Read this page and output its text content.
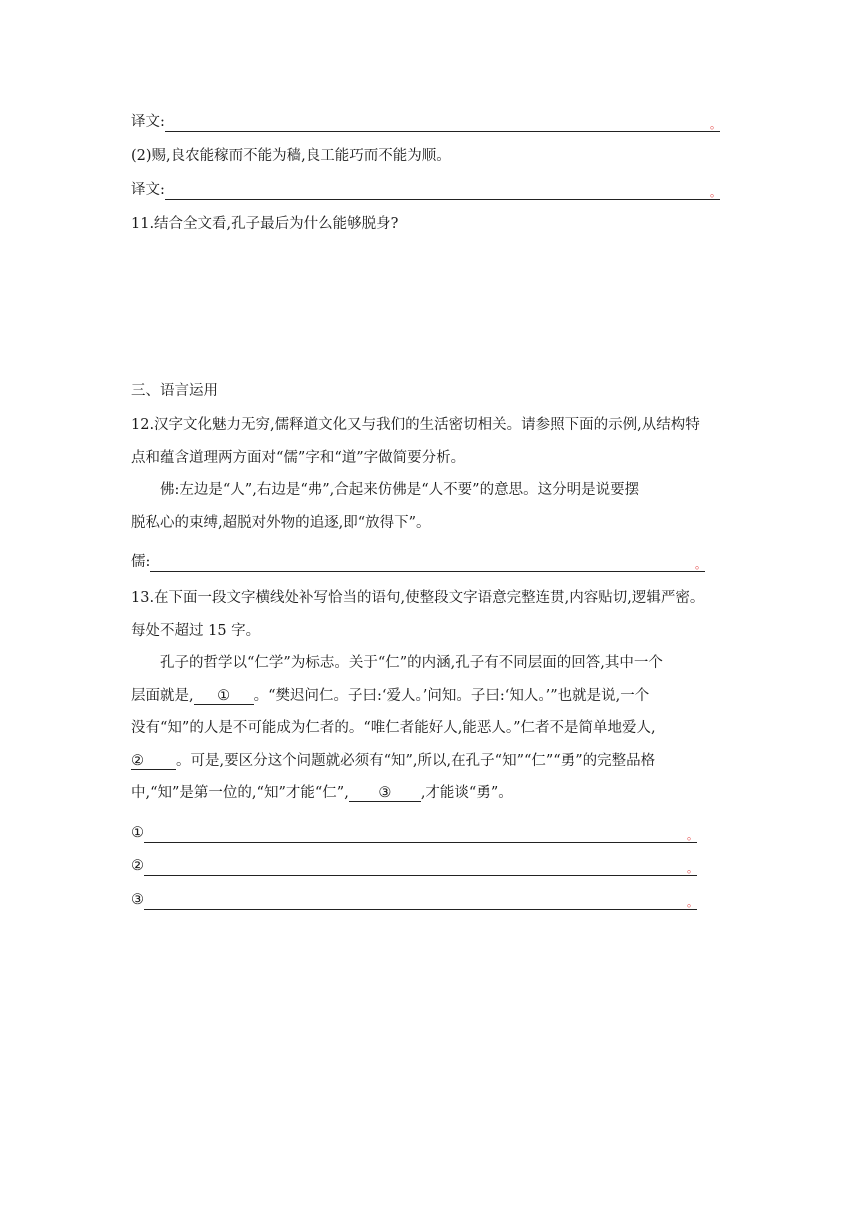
译文:	。
(2)赐,良农能稼而不能为穑,良工能巧而不能为顺。
译文:	。
11.结合全文看,孔子最后为什么能够脱身?
三、语言运用
12.汉字文化魅力无穷,儒释道文化又与我们的生活密切相关。请参照下面的示例,从结构特
点和蕴含道理两方面对“儒”字和“道”字做简要分析。
佛:左边是“人”,右边是“弗”,合起来仿佛是“人不要”的意思。这分明是说要摆
脱私心的束缚,超脱对外物的追逐,即“放得下”。
儒:	。
13.在下面一段文字横线处补写恰当的语句,使整段文字语意完整连贯,内容贴切,逻辑严密。
每处不超过 15 字。
孔子的哲学以“仁学”为标志。关于“仁”的内涵,孔子有不同层面的回答,其中一个
层面就是, ① 。“樊迟问仁。子曰:‘爱人。’问知。子曰:‘知人。’”也就是说,一个
没有“知”的人是不可能成为仁者的。“唯仁者能好人,能恶人。”仁者不是简单地爱人,
② 。可是,要区分这个问题就必须有“知”,所以,在孔子“知”“仁”“勇”的完整品格
中,“知”是第一位的,“知”才能“仁”, ③ ,才能谈“勇”。
①	。
②	。
③	。
